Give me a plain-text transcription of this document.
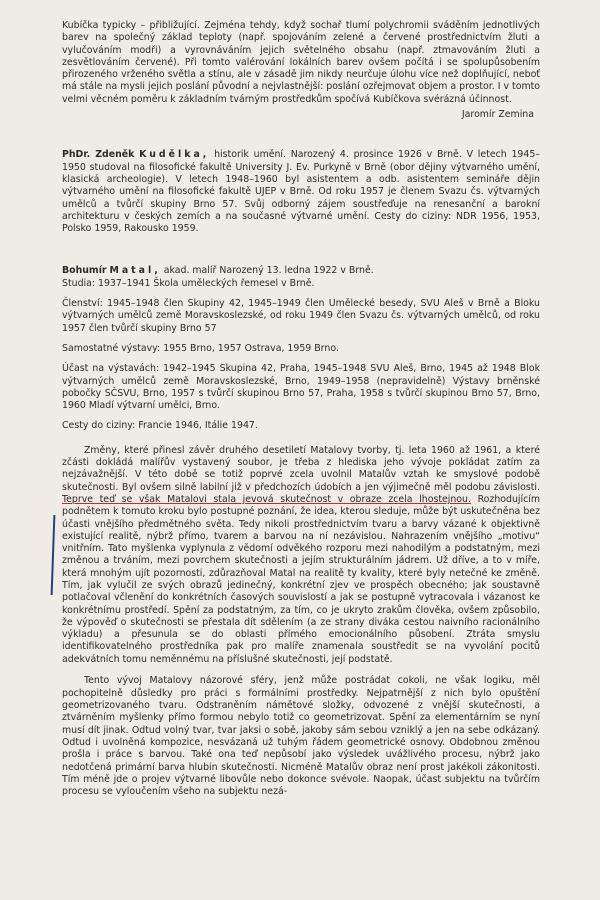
Kubíčka typicky – přibližující. Zejména tehdy, když sochař tlumí polychromii sváděním jednotlivých barev na společný základ teploty (např. spojováním zelené a červené prostřednictvím žluti a vylučováním modři) a vyrovnáváním jejich světelného obsahu (např. ztmavováním žluti a zesvětlováním červené). Při tomto valérování lokálních barev ovšem počítá i se spolupůsobením přirozeného vrženého světla a stínu, ale v zásadě jim nikdy neurčuje úlohu více než doplňující, neboť má stále na mysli jejich poslání původní a nejvlastnější: poslání ozřejmovat objem a prostor. I v tomto velmi věcném poměru k základním tvárným prostředkům spočívá Kubíčkova svérázná účinnost.

Jaromír Zemina

PhDr. Zdeněk Kudělka, historik umění. Narozený 4. prosince 1926 v Brně. V letech 1945–1950 studoval na filosofické fakultě University J. Ev. Purkyně v Brně (obor dějiny výtvarného umění, klasická archeologie). V letech 1948–1960 byl asistentem a odb. asistentem semináře dějin výtvarného umění na filosofické fakultě UJEP v Brně. Od roku 1957 je členem Svazu čs. výtvarných umělců a tvůrčí skupiny Brno 57. Svůj odborný zájem soustřeďuje na renesanční a barokní architekturu v českých zemích a na současné výtvarné umění. Cesty do ciziny: NDR 1956, 1953, Polsko 1959, Rakousko 1959.

Bohumír Matal, akad. malíř Narozený 13. ledna 1922 v Brně.

Studia: 1937–1941 Škola uměleckých řemesel v Brně.

Členství: 1945–1948 člen Skupiny 42, 1945–1949 člen Umělecké besedy, SVU Aleš v Brně a Bloku výtvarných umělců země Moravskoslezské, od roku 1949 člen Svazu čs. výtvarných umělců, od roku 1957 člen tvůrčí skupiny Brno 57

Samostatné výstavy: 1955 Brno, 1957 Ostrava, 1959 Brno.

Účast na výstavách: 1942–1945 Skupina 42, Praha, 1945–1948 SVU Aleš, Brno, 1945 až 1948 Blok výtvarných umělců země Moravskoslezské, Brno, 1949–1958 (nepravidelně) Výstavy brněnské pobočky SČSVU, Brno, 1957 s tvůrčí skupinou Brno 57, Praha, 1958 s tvůrčí skupinou Brno 57, Brno, 1960 Mladí výtvarní umělci, Brno.

Cesty do ciziny: Francie 1946, Itálie 1947.

Změny, které přinesl závěr druhého desetiletí Matalovy tvorby, tj. leta 1960 až 1961, a které zčásti dokládá malířův vystavený soubor, je třeba z hlediska jeho vývoje pokládat zatím za nejzávažnější. V této době se totiž poprvé zcela uvolnil Matalův vztah ke smyslové podobě skutečnosti. Byl ovšem silně labilní již v předchozích údobích a jen výjimečně měl podobu závislosti. Teprve teď se však Matalovi stala jevová skutečnost v obraze zcela lhostejnou. Rozhodujícím podnětem k tomuto kroku bylo postupné poznání, že idea, kterou sleduje, může být uskutečněna bez účasti vnějšího předmětného světa. Tedy nikoli prostřednictvím tvaru a barvy vázané k objektivně existující realitě, nýbrž přímo, tvarem a barvou na ní nezávislou. Nahrazením vnějšího „motivu“ vnitřním. Tato myšlenka vyplynula z vědomí odvěkého rozporu mezi nahodilým a podstatným, mezi změnou a trváním, mezi povrchem skutečnosti a jejím strukturálním jádrem. Už dříve, a to v míře, která mnohým ujít pozornosti, zdůrazňoval Matal na realitě ty kvality, které byly netečné ke změně. Tím, jak vylučil ze svých obrazů jedinečný, konkrétní zjev ve prospěch obecného; jak soustavně potlačoval včlenění do konkrétních časových souvislostí a jak se postupně vytracovala i vázanost ke konkrétnímu prostředí. Spění za podstatným, za tím, co je ukryto zrakům člověka, ovšem způsobilo, že výpověď o skutečnosti se přestala dít sdělením (a ze strany diváka cestou naivního racionálního výkladu) a přesunula se do oblasti přímého emocionálního působení. Ztráta smyslu identifikovatelného prostředníka pak pro malíře znamenala soustředit se na vyvolání pocitů adekvátních tomu neměnnému na příslušné skutečnosti, její podstatě.

Tento vývoj Matalovy názorové sféry, jenž může postrádat cokoli, ne však logiku, měl pochopitelně důsledky pro práci s formálními prostředky. Nejpatrnější z nich bylo opuštění geometrizovaného tvaru. Odstraněním námětové složky, odvozené z vnější skutečnosti, a ztvárněním myšlenky přímo formou nebylo totiž co geometrizovat. Spění za elementárním se nyní musí dít jinak. Odtud volný tvar, tvar jaksi o sobě, jakoby sám sebou vzniklý a jen na sebe odkázaný. Odtud i uvolněná kompozice, nesvázaná už tuhým řádem geometrické osnovy. Obdobnou změnou prošla i práce s barvou. Také ona teď nepůsobí jako výsledek uvážlivého procesu, nýbrž jako nedotčená primární barva hlubin skutečnosti. Nicméně Matalův obraz není prost jakékoli zákonitosti. Tím méně jde o projev výtvarné libovůle nebo dokonce svévole. Naopak, účast subjektu na tvůrčím procesu se vyloučením všeho na subjektu nezá-
